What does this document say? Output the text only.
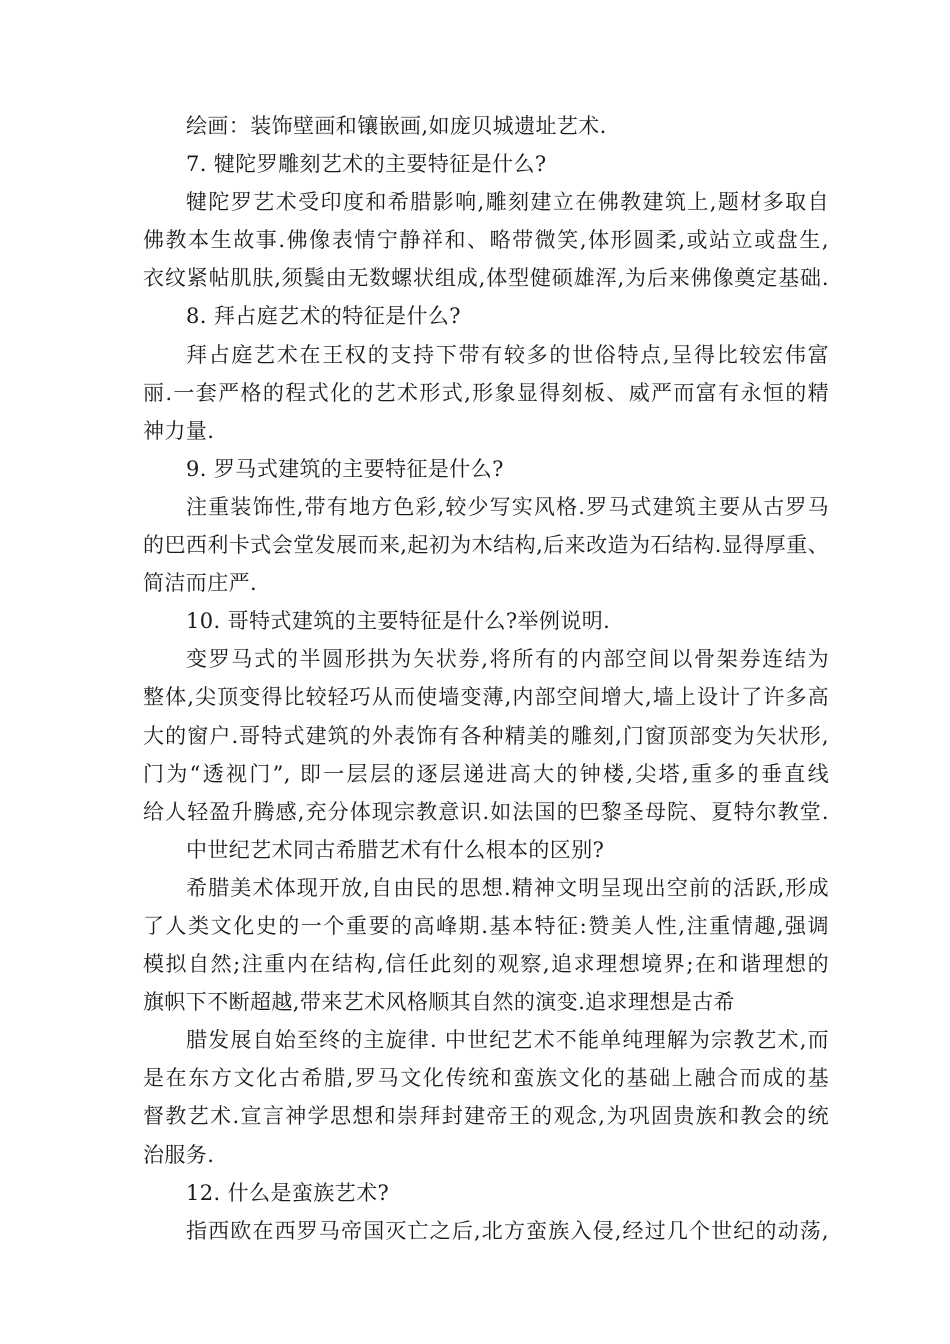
绘画：装饰壁画和镶嵌画,如庞贝城遗址艺术.
7. 犍陀罗雕刻艺术的主要特征是什么?
犍陀罗艺术受印度和希腊影响,雕刻建立在佛教建筑上,题材多取自
佛教本生故事.佛像表情宁静祥和、略带微笑,体形圆柔,或站立或盘生,
衣纹紧帖肌肤,须鬓由无数螺状组成,体型健硕雄浑,为后来佛像奠定基础.
8. 拜占庭艺术的特征是什么?
拜占庭艺术在王权的支持下带有较多的世俗特点,呈得比较宏伟富
丽.一套严格的程式化的艺术形式,形象显得刻板、威严而富有永恒的精
神力量.
9. 罗马式建筑的主要特征是什么?
注重装饰性,带有地方色彩,较少写实风格.罗马式建筑主要从古罗马
的巴西利卡式会堂发展而来,起初为木结构,后来改造为石结构.显得厚重、
简洁而庄严.
10. 哥特式建筑的主要特征是什么?举例说明.
变罗马式的半圆形拱为矢状券,将所有的内部空间以骨架券连结为
整体,尖顶变得比较轻巧从而使墙变薄,内部空间增大,墙上设计了许多高
大的窗户.哥特式建筑的外表饰有各种精美的雕刻,门窗顶部变为矢状形,
门为“透视门”, 即一层层的逐层递进高大的钟楼,尖塔,重多的垂直线
给人轻盈升腾感,充分体现宗教意识.如法国的巴黎圣母院、夏特尔教堂.
中世纪艺术同古希腊艺术有什么根本的区别?
希腊美术体现开放,自由民的思想.精神文明呈现出空前的活跃,形成
了人类文化史的一个重要的高峰期.基本特征:赞美人性,注重情趣,强调
模拟自然;注重内在结构,信任此刻的观察,追求理想境界;在和谐理想的
旗帜下不断超越,带来艺术风格顺其自然的演变.追求理想是古希
腊发展自始至终的主旋律. 中世纪艺术不能单纯理解为宗教艺术,而
是在东方文化古希腊,罗马文化传统和蛮族文化的基础上融合而成的基
督教艺术.宣言神学思想和崇拜封建帝王的观念,为巩固贵族和教会的统
治服务.
12. 什么是蛮族艺术?
指西欧在西罗马帝国灭亡之后,北方蛮族入侵,经过几个世纪的动荡,
